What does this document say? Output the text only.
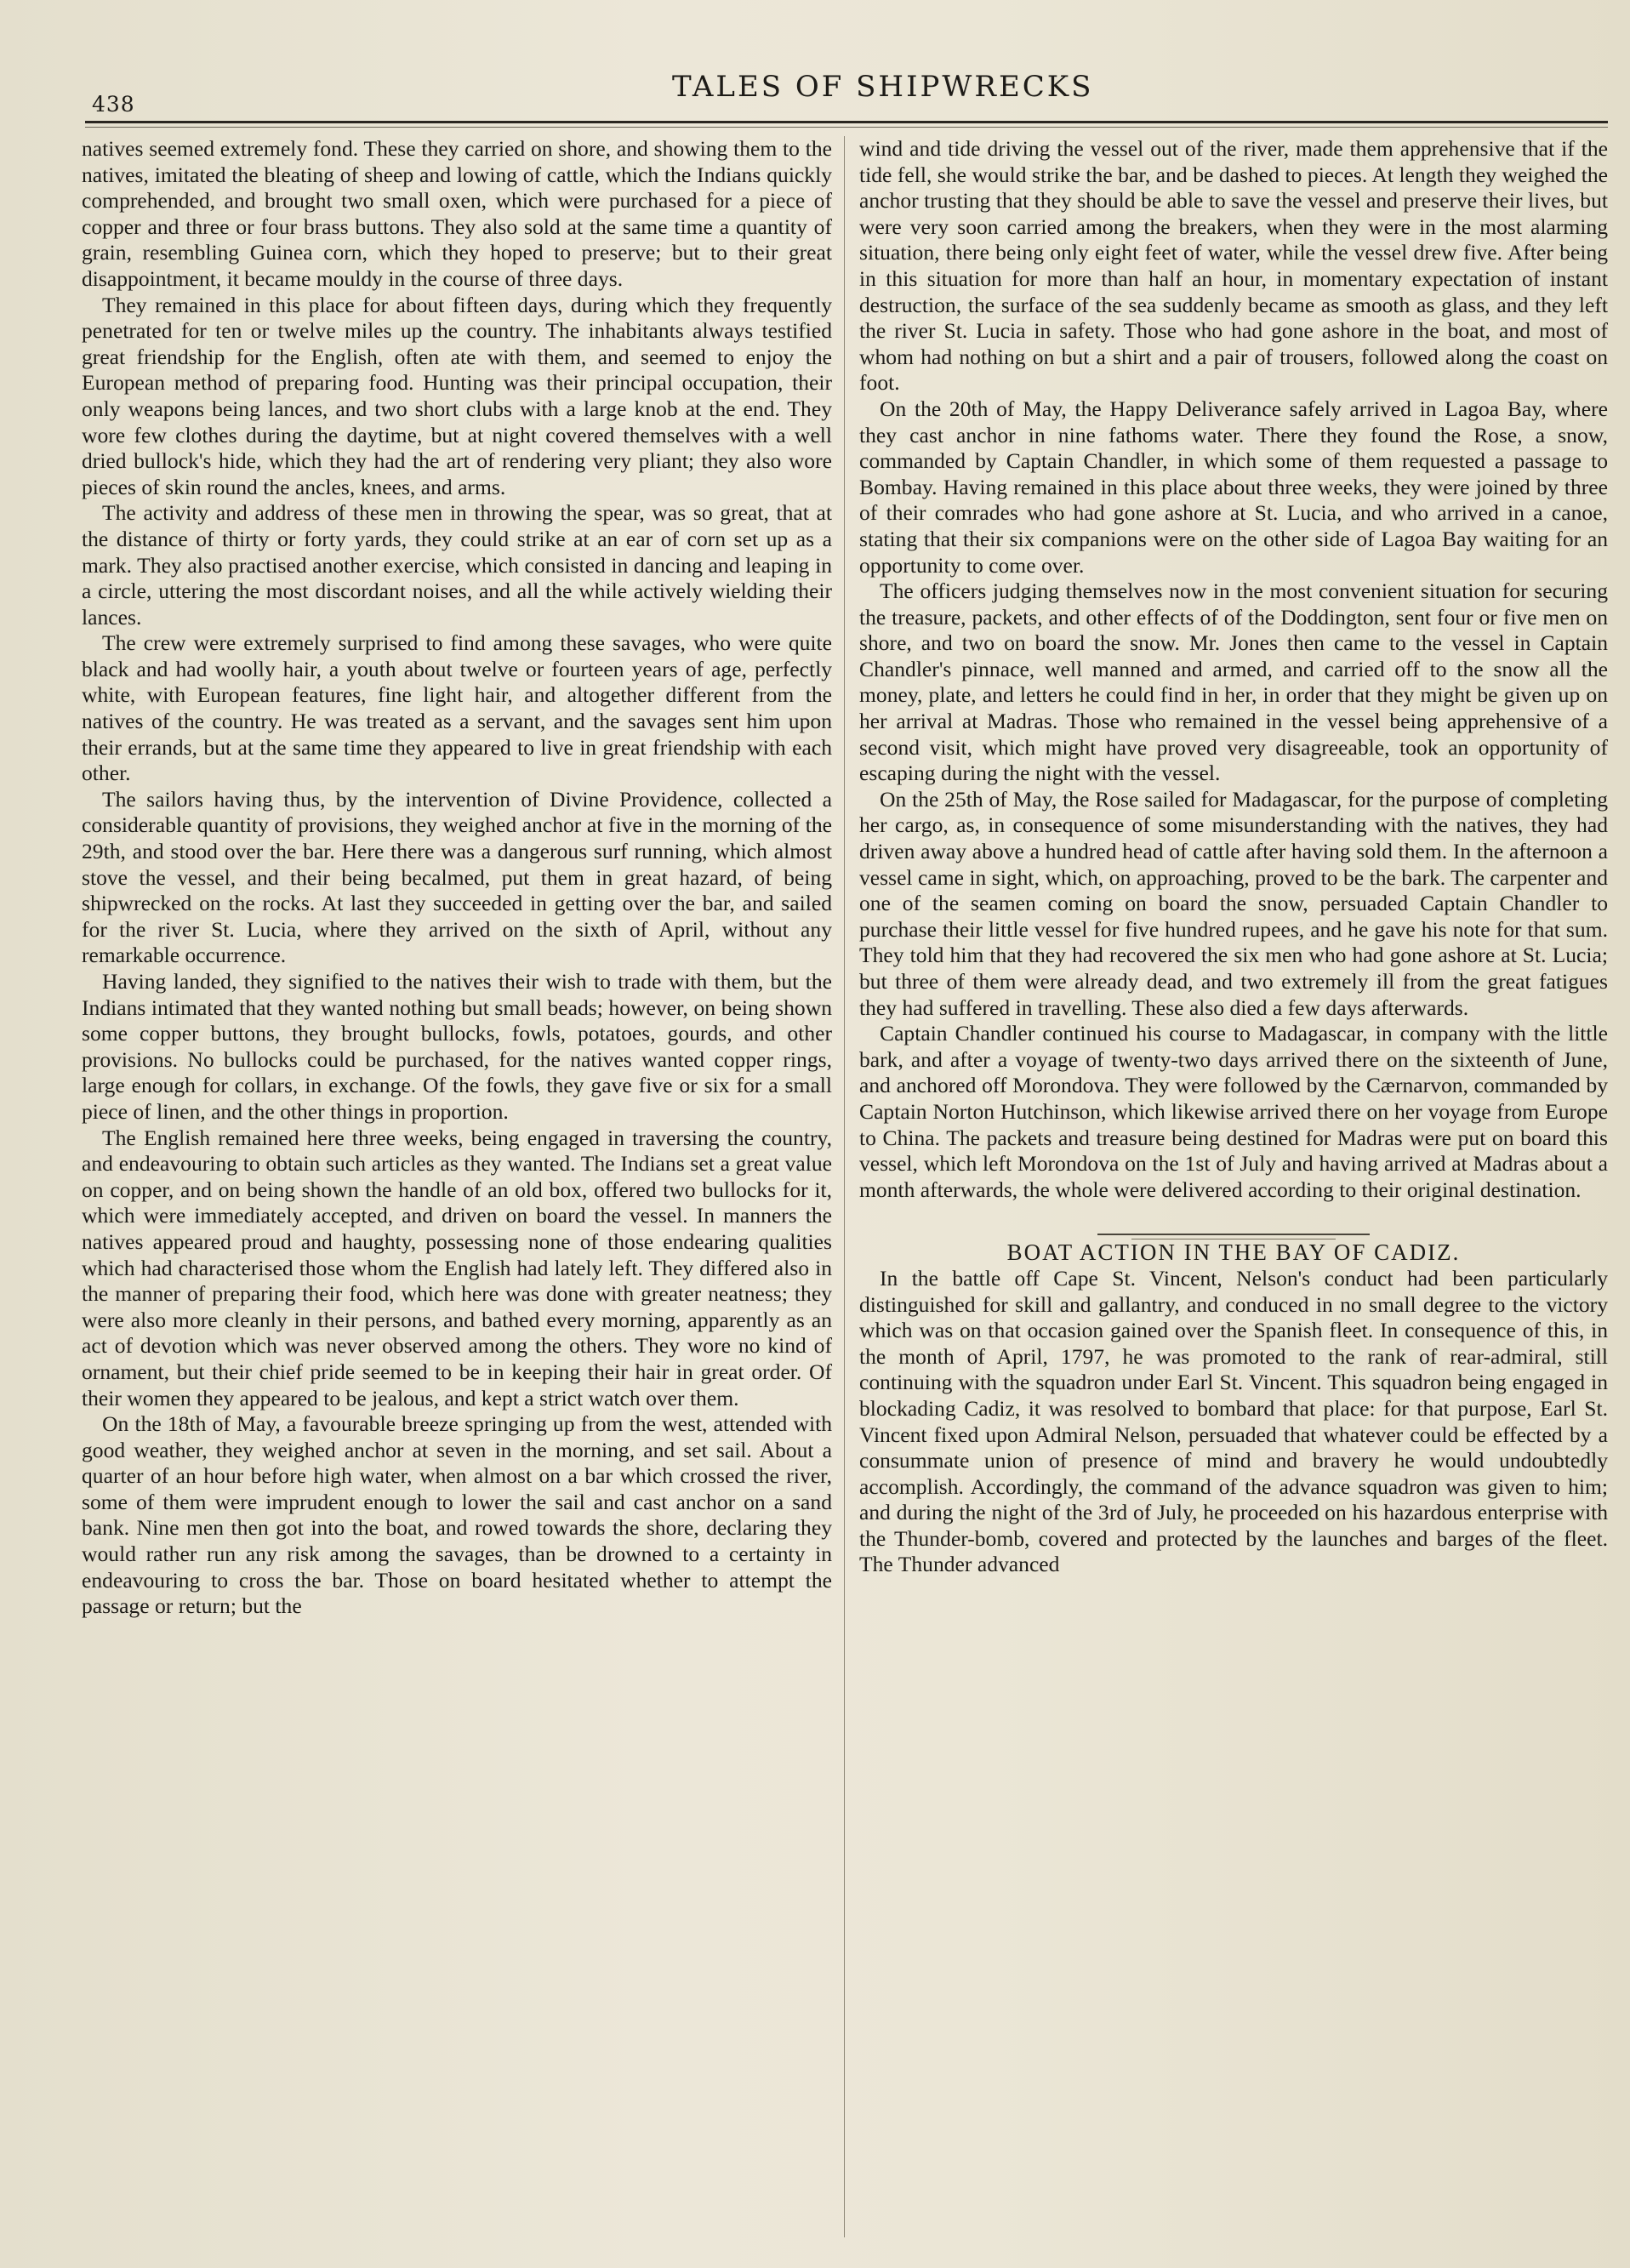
438
TALES OF SHIPWRECKS

natives seemed extremely fond. These they carried on shore, and showing them to the natives, imitated the bleating of sheep and lowing of cattle, which the Indians quickly comprehended, and brought two small oxen, which were purchased for a piece of copper and three or four brass buttons. They also sold at the same time a quantity of grain, resembling Guinea corn, which they hoped to preserve; but to their great disappointment, it became mouldy in the course of three days.

They remained in this place for about fifteen days, during which they frequently penetrated for ten or twelve miles up the country. The inhabitants always testified great friendship for the English, often ate with them, and seemed to enjoy the European method of preparing food. Hunting was their principal occupation, their only weapons being lances, and two short clubs with a large knob at the end. They wore few clothes during the daytime, but at night covered themselves with a well dried bullock's hide, which they had the art of rendering very pliant; they also wore pieces of skin round the ancles, knees, and arms.

The activity and address of these men in throwing the spear, was so great, that at the distance of thirty or forty yards, they could strike at an ear of corn set up as a mark. They also practised another exercise, which consisted in dancing and leaping in a circle, uttering the most discordant noises, and all the while actively wielding their lances.

The crew were extremely surprised to find among these savages, who were quite black and had woolly hair, a youth about twelve or fourteen years of age, perfectly white, with European features, fine light hair, and altogether different from the natives of the country. He was treated as a servant, and the savages sent him upon their errands, but at the same time they appeared to live in great friendship with each other.

The sailors having thus, by the intervention of Divine Providence, collected a considerable quantity of provisions, they weighed anchor at five in the morning of the 29th, and stood over the bar. Here there was a dangerous surf running, which almost stove the vessel, and their being becalmed, put them in great hazard, of being shipwrecked on the rocks. At last they succeeded in getting over the bar, and sailed for the river St. Lucia, where they arrived on the sixth of April, without any remarkable occurrence.

Having landed, they signified to the natives their wish to trade with them, but the Indians intimated that they wanted nothing but small beads; however, on being shown some copper buttons, they brought bullocks, fowls, potatoes, gourds, and other provisions. No bullocks could be purchased, for the natives wanted copper rings, large enough for collars, in exchange. Of the fowls, they gave five or six for a small piece of linen, and the other things in proportion.

The English remained here three weeks, being engaged in traversing the country, and endeavouring to obtain such articles as they wanted. The Indians set a great value on copper, and on being shown the handle of an old box, offered two bullocks for it, which were immediately accepted, and driven on board the vessel. In manners the natives appeared proud and haughty, possessing none of those endearing qualities which had characterised those whom the English had lately left. They differed also in the manner of preparing their food, which here was done with greater neatness; they were also more cleanly in their persons, and bathed every morning, apparently as an act of devotion which was never observed among the others. They wore no kind of ornament, but their chief pride seemed to be in keeping their hair in great order. Of their women they appeared to be jealous, and kept a strict watch over them.

On the 18th of May, a favourable breeze springing up from the west, attended with good weather, they weighed anchor at seven in the morning, and set sail. About a quarter of an hour before high water, when almost on a bar which crossed the river, some of them were imprudent enough to lower the sail and cast anchor on a sand bank. Nine men then got into the boat, and rowed towards the shore, declaring they would rather run any risk among the savages, than be drowned to a certainty in endeavouring to cross the bar. Those on board hesitated whether to attempt the passage or return; but the

wind and tide driving the vessel out of the river, made them apprehensive that if the tide fell, she would strike the bar, and be dashed to pieces. At length they weighed the anchor trusting that they should be able to save the vessel and preserve their lives, but were very soon carried among the breakers, when they were in the most alarming situation, there being only eight feet of water, while the vessel drew five. After being in this situation for more than half an hour, in momentary expectation of instant destruction, the surface of the sea suddenly became as smooth as glass, and they left the river St. Lucia in safety. Those who had gone ashore in the boat, and most of whom had nothing on but a shirt and a pair of trousers, followed along the coast on foot.

On the 20th of May, the Happy Deliverance safely arrived in Lagoa Bay, where they cast anchor in nine fathoms water. There they found the Rose, a snow, commanded by Captain Chandler, in which some of them requested a passage to Bombay. Having remained in this place about three weeks, they were joined by three of their comrades who had gone ashore at St. Lucia, and who arrived in a canoe, stating that their six companions were on the other side of Lagoa Bay waiting for an opportunity to come over.

The officers judging themselves now in the most convenient situation for securing the treasure, packets, and other effects of of the Doddington, sent four or five men on shore, and two on board the snow. Mr. Jones then came to the vessel in Captain Chandler's pinnace, well manned and armed, and carried off to the snow all the money, plate, and letters he could find in her, in order that they might be given up on her arrival at Madras. Those who remained in the vessel being apprehensive of a second visit, which might have proved very disagreeable, took an opportunity of escaping during the night with the vessel.

On the 25th of May, the Rose sailed for Madagascar, for the purpose of completing her cargo, as, in consequence of some misunderstanding with the natives, they had driven away above a hundred head of cattle after having sold them. In the afternoon a vessel came in sight, which, on approaching, proved to be the bark. The carpenter and one of the seamen coming on board the snow, persuaded Captain Chandler to purchase their little vessel for five hundred rupees, and he gave his note for that sum. They told him that they had recovered the six men who had gone ashore at St. Lucia; but three of them were already dead, and two extremely ill from the great fatigues they had suffered in travelling. These also died a few days afterwards.

Captain Chandler continued his course to Madagascar, in company with the little bark, and after a voyage of twenty-two days arrived there on the sixteenth of June, and anchored off Morondova. They were followed by the Cærnarvon, commanded by Captain Norton Hutchinson, which likewise arrived there on her voyage from Europe to China. The packets and treasure being destined for Madras were put on board this vessel, which left Morondova on the 1st of July and having arrived at Madras about a month afterwards, the whole were delivered according to their original destination.

BOAT ACTION IN THE BAY OF CADIZ.

In the battle off Cape St. Vincent, Nelson's conduct had been particularly distinguished for skill and gallantry, and conduced in no small degree to the victory which was on that occasion gained over the Spanish fleet. In consequence of this, in the month of April, 1797, he was promoted to the rank of rear-admiral, still continuing with the squadron under Earl St. Vincent. This squadron being engaged in blockading Cadiz, it was resolved to bombard that place: for that purpose, Earl St. Vincent fixed upon Admiral Nelson, persuaded that whatever could be effected by a consummate union of presence of mind and bravery he would undoubtedly accomplish. Accordingly, the command of the advance squadron was given to him; and during the night of the 3rd of July, he proceeded on his hazardous enterprise with the Thunder-bomb, covered and protected by the launches and barges of the fleet. The Thunder advanced
